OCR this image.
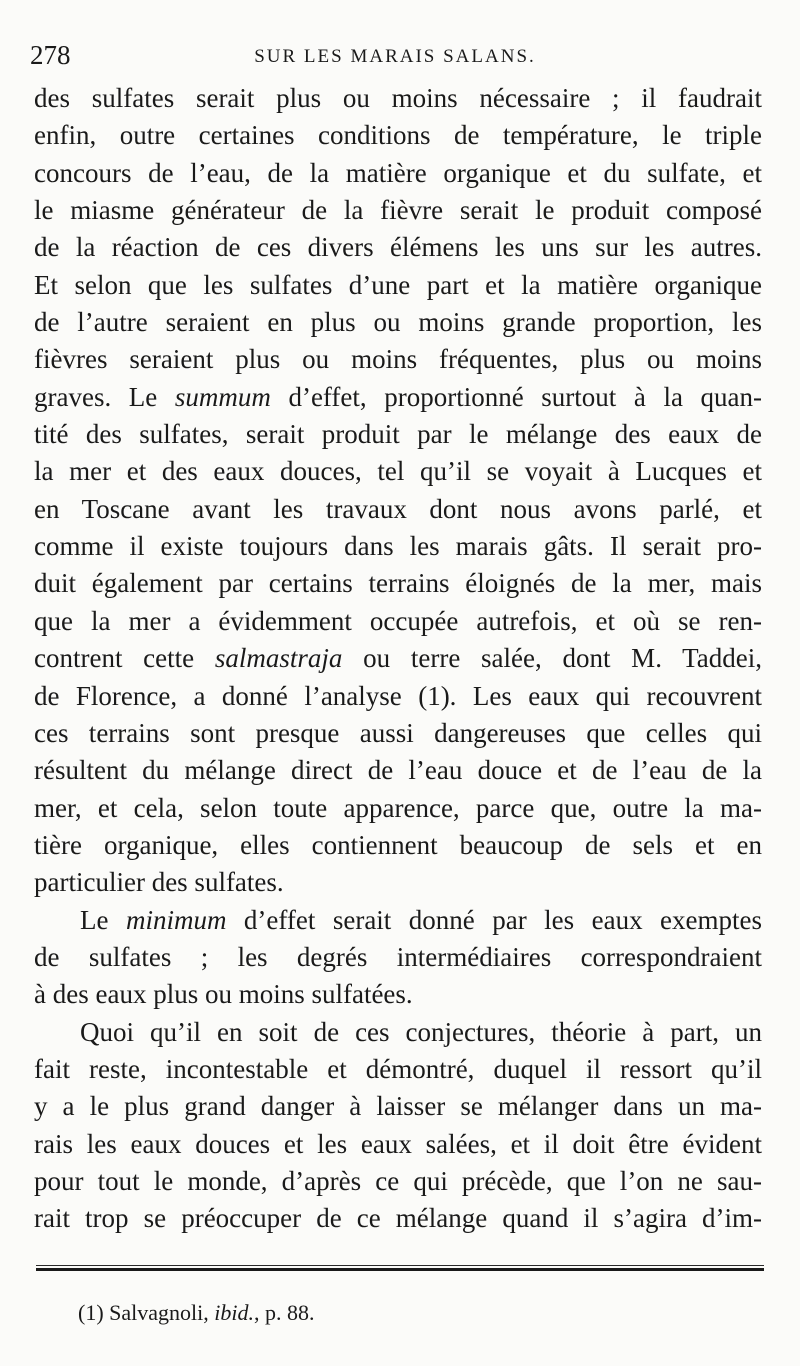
278	SUR LES MARAIS SALANS.
des sulfates serait plus ou moins nécessaire ; il faudrait
enfin, outre certaines conditions de température, le triple
concours de l’eau, de la matière organique et du sulfate, et
le miasme générateur de la fièvre serait le produit composé
de la réaction de ces divers élémens les uns sur les autres.
Et selon que les sulfates d’une part et la matière organique
de l’autre seraient en plus ou moins grande proportion, les
fièvres seraient plus ou moins fréquentes, plus ou moins
graves. Le summum d’effet, proportionné surtout à la quan-
tité des sulfates, serait produit par le mélange des eaux de
la mer et des eaux douces, tel qu’il se voyait à Lucques et
en Toscane avant les travaux dont nous avons parlé, et
comme il existe toujours dans les marais gâts. Il serait pro-
duit également par certains terrains éloignés de la mer, mais
que la mer a évidemment occupée autrefois, et où se ren-
contrent cette salmastraja ou terre salée, dont M. Taddei,
de Florence, a donné l’analyse (1). Les eaux qui recouvrent
ces terrains sont presque aussi dangereuses que celles qui
résultent du mélange direct de l’eau douce et de l’eau de la
mer, et cela, selon toute apparence, parce que, outre la ma-
tière organique, elles contiennent beaucoup de sels et en
particulier des sulfates.
Le minimum d’effet serait donné par les eaux exemptes
de sulfates ; les degrés intermédiaires correspondraient
à des eaux plus ou moins sulfatées.
Quoi qu’il en soit de ces conjectures, théorie à part, un
fait reste, incontestable et démontré, duquel il ressort qu’il
y a le plus grand danger à laisser se mélanger dans un ma-
rais les eaux douces et les eaux salées, et il doit être évident
pour tout le monde, d’après ce qui précède, que l’on ne sau-
rait trop se préoccuper de ce mélange quand il s’agira d’im-
(1) Salvagnoli, ibid., p. 88.
